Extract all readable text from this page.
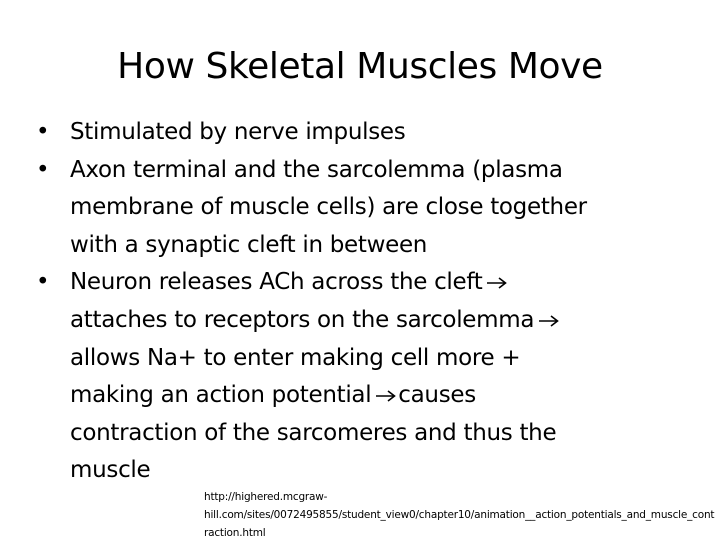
How Skeletal Muscles Move
• Stimulated by nerve impulses
• Axon terminal and the sarcolemma (plasma
membrane of muscle cells) are close together
with a synaptic cleft in between
• Neuron releases ACh across the cleft
attaches to receptors on the sarcolemma
allows Na+ to enter making cell more +
making an action potential causes
contraction of the sarcomeres and thus the
muscle
http://highered.mcgraw-
hill.com/sites/0072495855/student_view0/chapter10/animation__action_potentials_and_muscle_cont
raction.html
